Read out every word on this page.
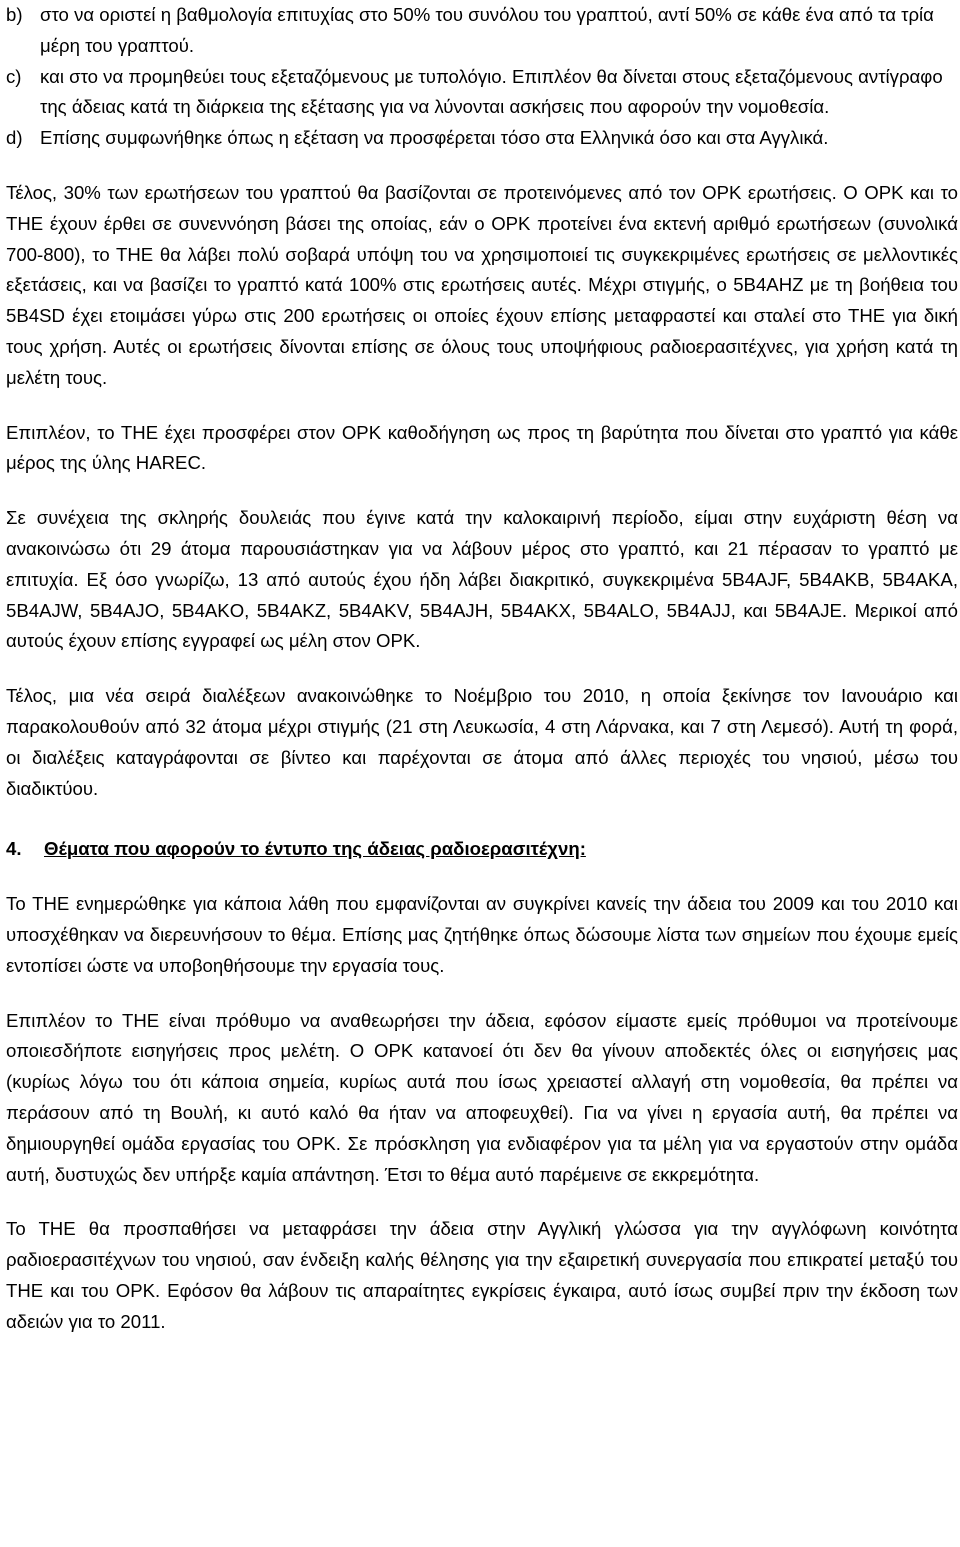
b) στο να οριστεί η βαθμολογία επιτυχίας στο 50% του συνόλου του γραπτού, αντί 50% σε κάθε ένα από τα τρία μέρη του γραπτού.
c) και στο να προμηθεύει τους εξεταζόμενους με τυπολόγιο. Επιπλέον θα δίνεται στους εξεταζόμενους αντίγραφο της άδειας κατά τη διάρκεια της εξέτασης για να λύνονται ασκήσεις που αφορούν την νομοθεσία.
d) Επίσης συμφωνήθηκε όπως η εξέταση να προσφέρεται τόσο στα Ελληνικά όσο και στα Αγγλικά.

Τέλος, 30% των ερωτήσεων του γραπτού θα βασίζονται σε προτεινόμενες από τον ΟΡΚ ερωτήσεις. Ο ΟΡΚ και το ΤΗΕ έχουν έρθει σε συνεννόηση βάσει της οποίας, εάν ο ΟΡΚ προτείνει ένα εκτενή αριθμό ερωτήσεων (συνολικά 700-800), το ΤΗΕ θα λάβει πολύ σοβαρά υπόψη του να χρησιμοποιεί τις συγκεκριμένες ερωτήσεις σε μελλοντικές εξετάσεις, και να βασίζει το γραπτό κατά 100% στις ερωτήσεις αυτές. Μέχρι στιγμής, ο 5B4AHZ με τη βοήθεια του 5B4SD έχει ετοιμάσει γύρω στις 200 ερωτήσεις οι οποίες έχουν επίσης μεταφραστεί και σταλεί στο ΤΗΕ για δική τους χρήση. Αυτές οι ερωτήσεις δίνονται επίσης σε όλους τους υποψήφιους ραδιοερασιτέχνες, για χρήση κατά τη μελέτη τους.

Επιπλέον, το ΤΗΕ έχει προσφέρει στον ΟΡΚ καθοδήγηση ως προς τη βαρύτητα που δίνεται στο γραπτό για κάθε μέρος της ύλης HAREC.

Σε συνέχεια της σκληρής δουλειάς που έγινε κατά την καλοκαιρινή περίοδο, είμαι στην ευχάριστη θέση να ανακοινώσω ότι 29 άτομα παρουσιάστηκαν για να λάβουν μέρος στο γραπτό, και 21 πέρασαν το γραπτό με επιτυχία. Εξ όσο γνωρίζω, 13 από αυτούς έχου ήδη λάβει διακριτικό, συγκεκριμένα 5B4AJF, 5B4AKB, 5B4AKA, 5B4AJW, 5B4AJO, 5B4AKO, 5B4AKZ, 5B4AKV, 5B4AJH, 5B4AKX, 5B4ALO, 5B4AJJ, και 5B4AJE. Μερικοί από αυτούς έχουν επίσης εγγραφεί ως μέλη στον ΟΡΚ.

Τέλος, μια νέα σειρά διαλέξεων ανακοινώθηκε το Νοέμβριο του 2010, η οποία ξεκίνησε τον Ιανουάριο και παρακολουθούν από 32 άτομα μέχρι στιγμής (21 στη Λευκωσία, 4 στη Λάρνακα, και 7 στη Λεμεσό). Αυτή τη φορά, οι διαλέξεις καταγράφονται σε βίντεο και παρέχονται σε άτομα από άλλες περιοχές του νησιού, μέσω του διαδικτύου.

4.	Θέματα που αφορούν το έντυπο της άδειας ραδιοερασιτέχνη:

Το ΤΗΕ ενημερώθηκε για κάποια λάθη που εμφανίζονται αν συγκρίνει κανείς την άδεια του 2009 και του 2010 και υποσχέθηκαν να διερευνήσουν το θέμα. Επίσης μας ζητήθηκε όπως δώσουμε λίστα των σημείων που έχουμε εμείς εντοπίσει ώστε να υποβοηθήσουμε την εργασία τους.

Επιπλέον το ΤΗΕ είναι πρόθυμο να αναθεωρήσει την άδεια, εφόσον είμαστε εμείς πρόθυμοι να προτείνουμε οποιεσδήποτε εισηγήσεις προς μελέτη. Ο ΟΡΚ κατανοεί ότι δεν θα γίνουν αποδεκτές όλες οι εισηγήσεις μας (κυρίως λόγω του ότι κάποια σημεία, κυρίως αυτά που ίσως χρειαστεί αλλαγή στη νομοθεσία, θα πρέπει να περάσουν από τη Βουλή, κι αυτό καλό θα ήταν να αποφευχθεί). Για να γίνει η εργασία αυτή, θα πρέπει να δημιουργηθεί ομάδα εργασίας του ΟΡΚ. Σε πρόσκληση για ενδιαφέρον για τα μέλη για να εργαστούν στην ομάδα αυτή, δυστυχώς δεν υπήρξε καμία απάντηση. Έτσι το θέμα αυτό παρέμεινε σε εκκρεμότητα.

Το ΤΗΕ θα προσπαθήσει να μεταφράσει την άδεια στην Αγγλική γλώσσα για την αγγλόφωνη κοινότητα ραδιοερασιτέχνων του νησιού, σαν ένδειξη καλής θέλησης για την εξαιρετική συνεργασία που επικρατεί μεταξύ του ΤΗΕ και του ΟΡΚ. Εφόσον θα λάβουν τις απαραίτητες εγκρίσεις έγκαιρα, αυτό ίσως συμβεί πριν την έκδοση των αδειών για το 2011.
